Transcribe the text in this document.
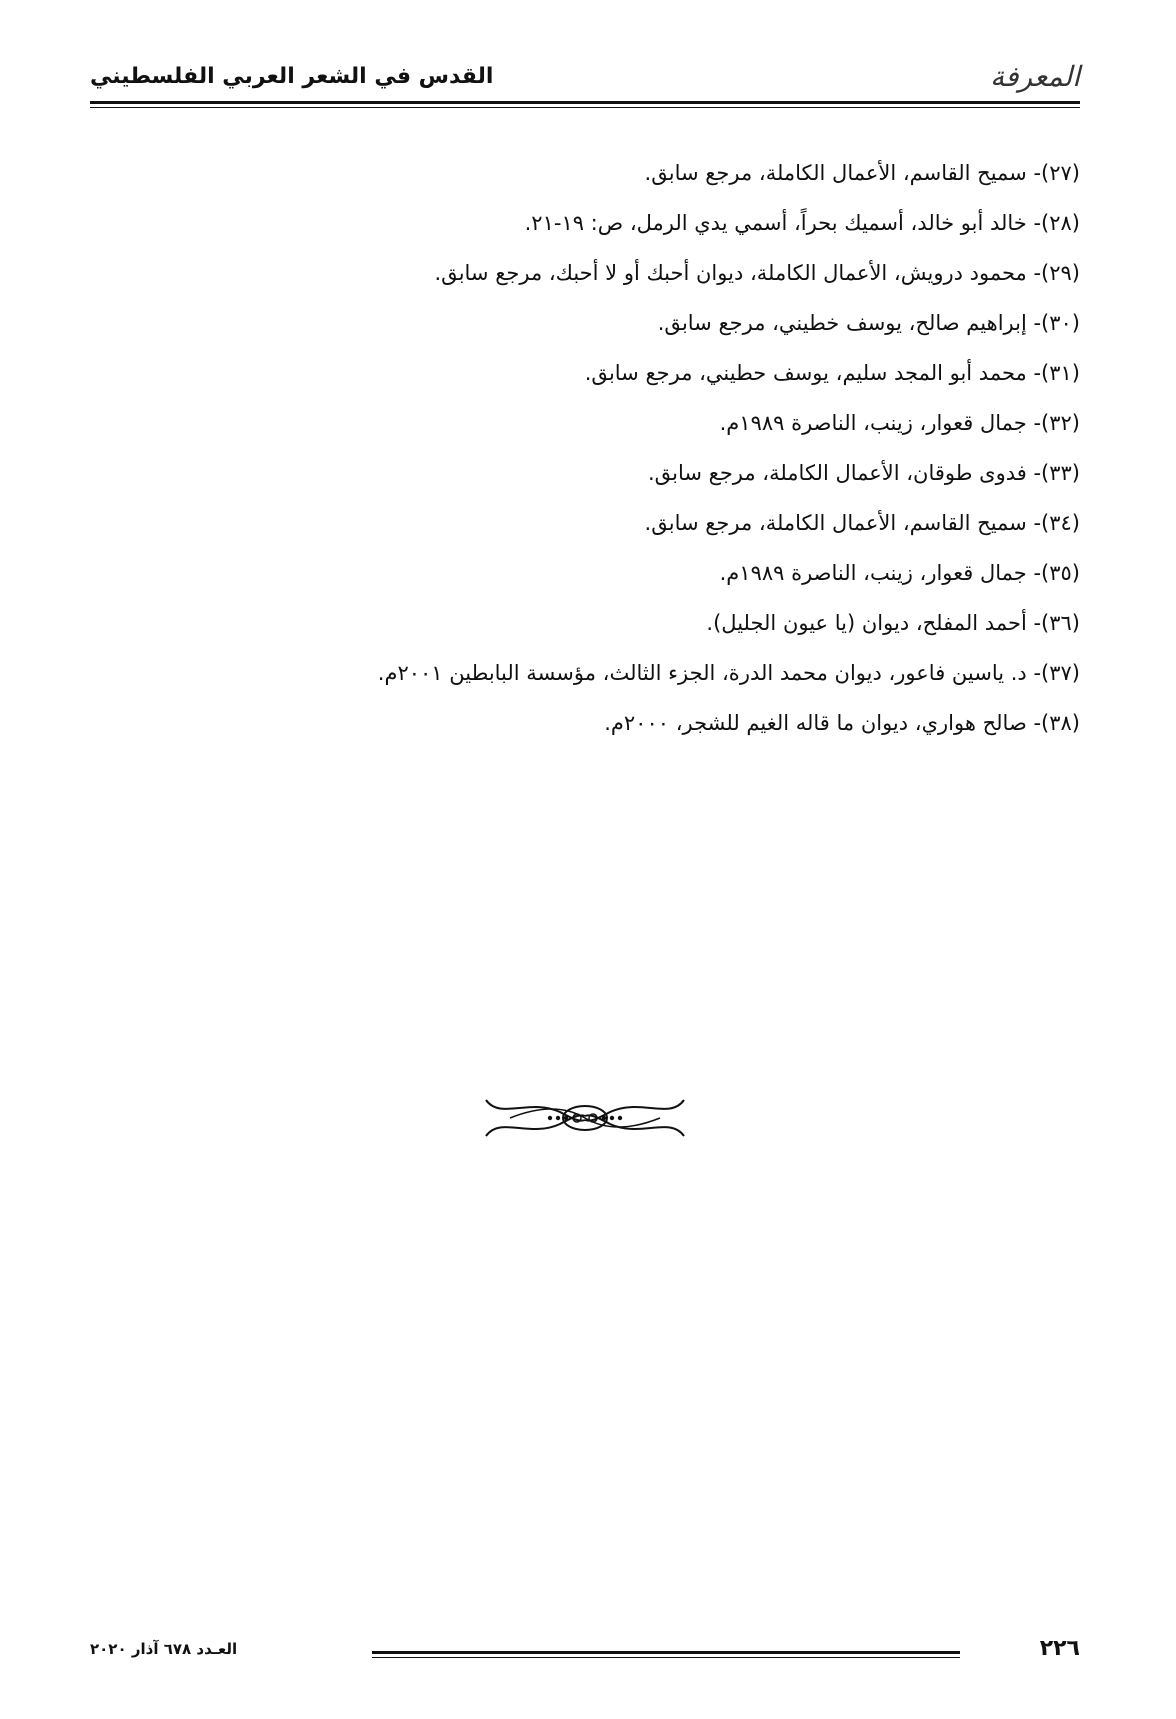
المعرفة
القدس في الشعر العربي الفلسطيني
(٢٧)- سميح القاسم، الأعمال الكاملة، مرجع سابق.
(٢٨)- خالد أبو خالد، أسميك بحراً، أسمي يدي الرمل، ص: ١٩-٢١.
(٢٩)- محمود درويش، الأعمال الكاملة، ديوان أحبك أو لا أحبك، مرجع سابق.
(٣٠)- إبراهيم صالح، يوسف خطيني، مرجع سابق.
(٣١)- محمد أبو المجد سليم، يوسف حطيني، مرجع سابق.
(٣٢)- جمال قعوار، زينب، الناصرة ١٩٨٩م.
(٣٣)- فدوى طوقان، الأعمال الكاملة، مرجع سابق.
(٣٤)- سميح القاسم، الأعمال الكاملة، مرجع سابق.
(٣٥)- جمال قعوار، زينب، الناصرة ١٩٨٩م.
(٣٦)- أحمد المفلح، ديوان (يا عيون الجليل).
(٣٧)- د. ياسين فاعور، ديوان محمد الدرة، الجزء الثالث، مؤسسة البابطين ٢٠٠١م.
(٣٨)- صالح هواري، ديوان ما قاله الغيم للشجر، ٢٠٠٠م.
٢٢٦
العـدد ٦٧٨ آذار ٢٠٢٠
